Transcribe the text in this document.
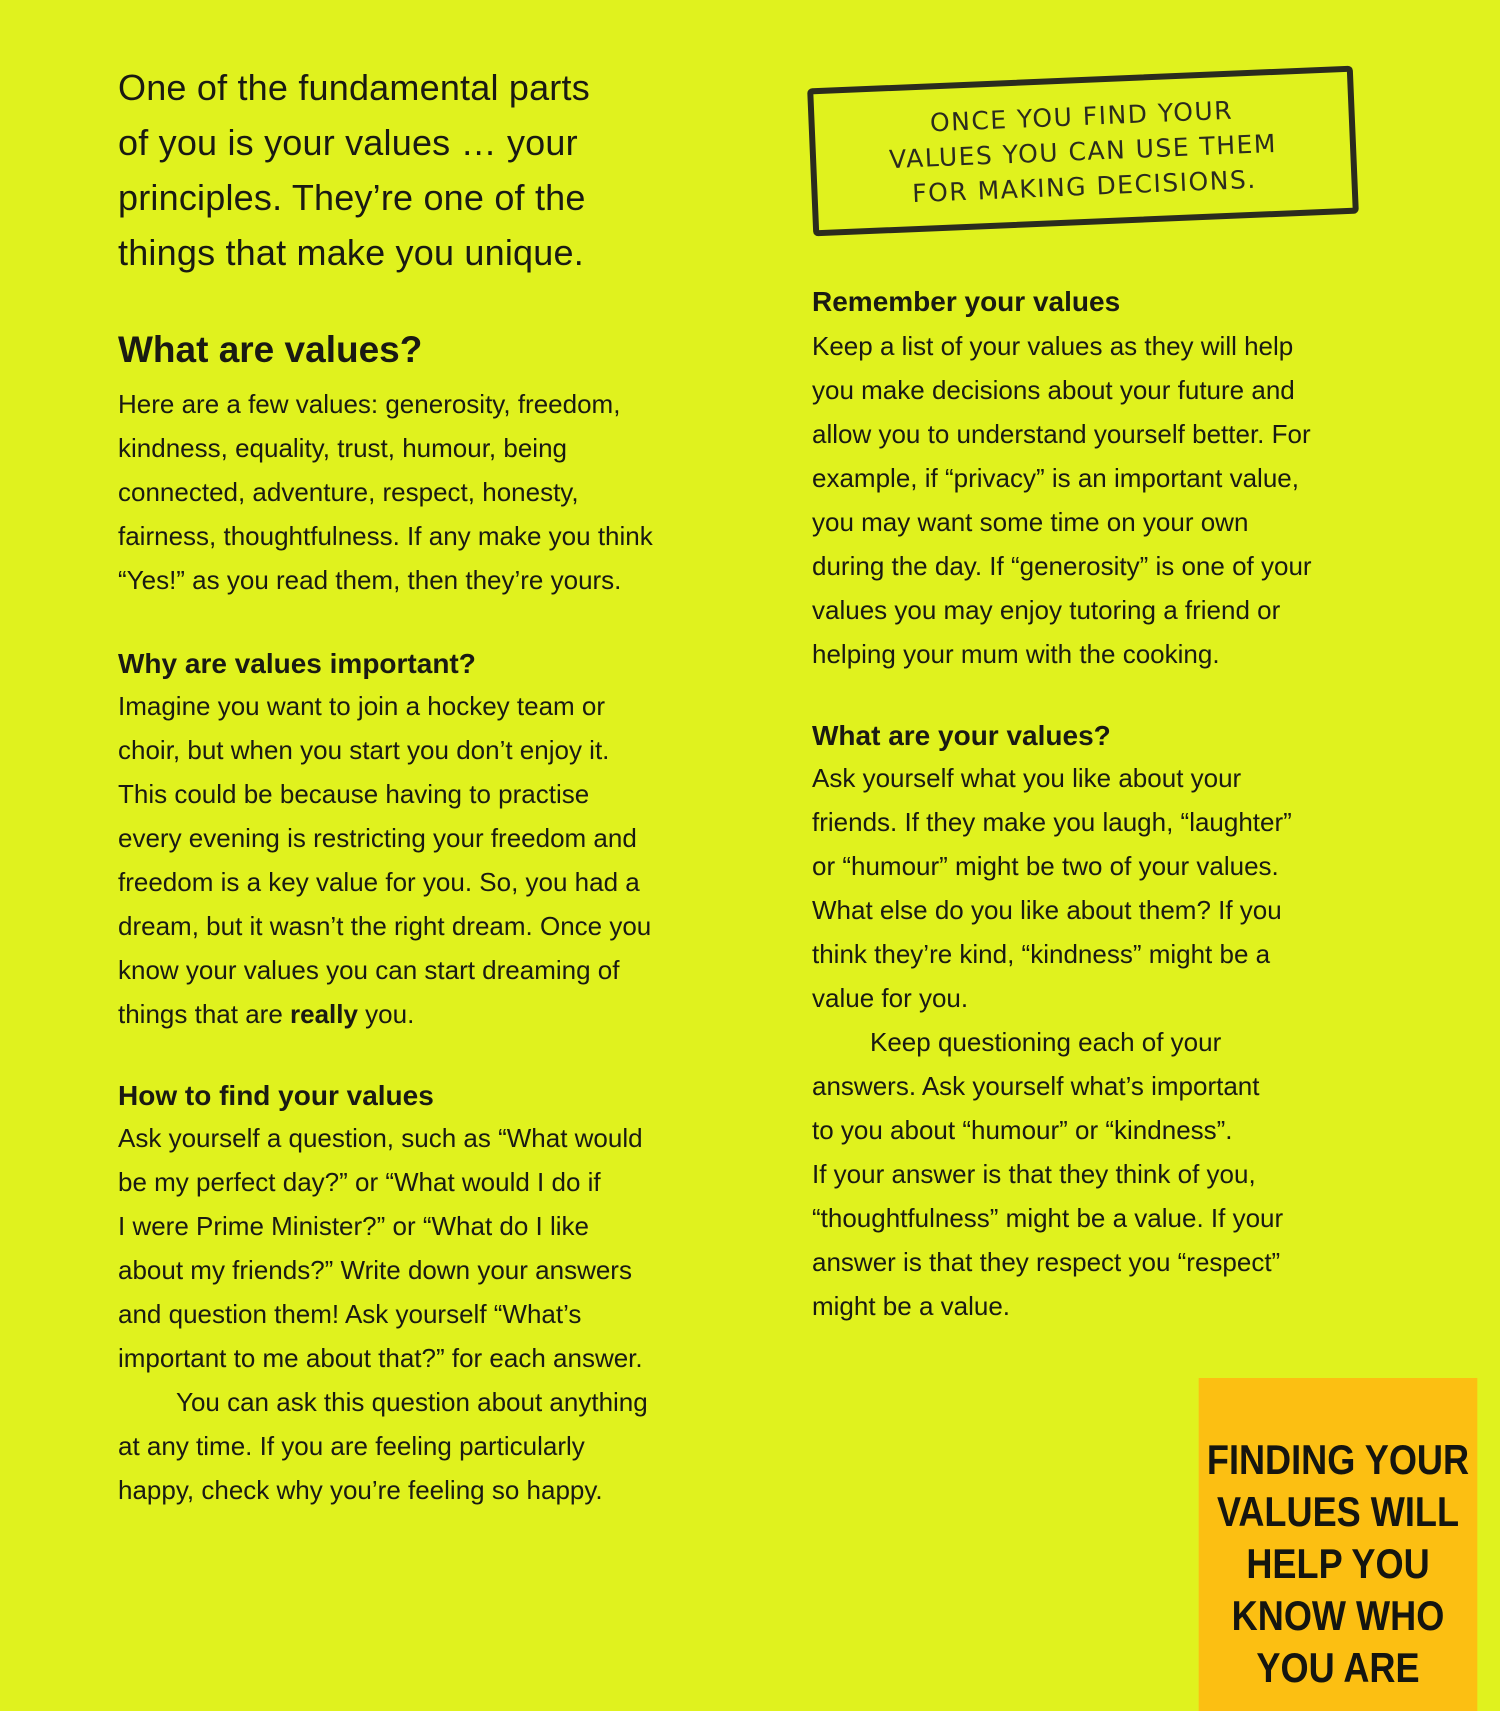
One of the fundamental parts
of you is your values … your
principles. They’re one of the
things that make you unique.

What are values?

Here are a few values: generosity, freedom,
kindness, equality, trust, humour, being
connected, adventure, respect, honesty,
fairness, thoughtfulness. If any make you think
“Yes!” as you read them, then they’re yours.

Why are values important?

Imagine you want to join a hockey team or
choir, but when you start you don’t enjoy it.
This could be because having to practise
every evening is restricting your freedom and
freedom is a key value for you. So, you had a
dream, but it wasn’t the right dream. Once you
know your values you can start dreaming of
things that are really you.

How to find your values

Ask yourself a question, such as “What would
be my perfect day?” or “What would I do if
I were Prime Minister?” or “What do I like
about my friends?” Write down your answers
and question them! Ask yourself “What’s
important to me about that?” for each answer.
You can ask this question about anything
at any time. If you are feeling particularly
happy, check why you’re feeling so happy.

ONCE YOU FIND YOUR
VALUES YOU CAN USE THEM
FOR MAKING DECISIONS.
Remember your values

Keep a list of your values as they will help
you make decisions about your future and
allow you to understand yourself better. For
example, if “privacy” is an important value,
you may want some time on your own
during the day. If “generosity” is one of your
values you may enjoy tutoring a friend or
helping your mum with the cooking.

What are your values?

Ask yourself what you like about your
friends. If they make you laugh, “laughter”
or “humour” might be two of your values.
What else do you like about them? If you
think they’re kind, “kindness” might be a
value for you.
Keep questioning each of your
answers. Ask yourself what’s important
to you about “humour” or “kindness”.
If your answer is that they think of you,
“thoughtfulness” might be a value. If your
answer is that they respect you “respect”
might be a value.

FINDING YOUR
VALUES WILL
HELP YOU
KNOW WHO
YOU ARE
